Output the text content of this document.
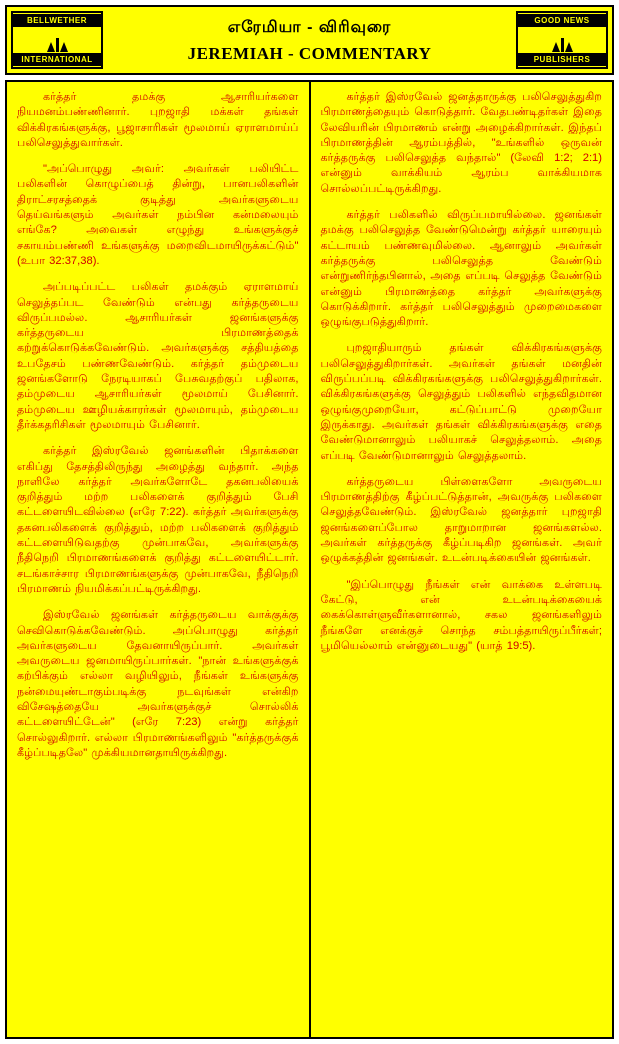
BELLWETHER
INTERNATIONAL
எரேமியா - விரிவுரை
JEREMIAH - COMMENTARY
GOOD NEWS
PUBLISHERS

கர்த்தர் தமக்கு ஆசாரியர்களை நியமனம்பண்ணினார். புறஜாதி மக்கள் தங்கள் விக்கிரகங்களுக்கு, பூஜாசாரிகள் மூலமாய் ஏராளமாய்ப் பலிசெலுத்துவார்கள்.

"அப்பொழுது அவர்: அவர்கள் பலியிட்ட பலிகளின் கொழுப்பைத் தின்று, பானபலிகளின் திராட்சரசத்தைக் குடித்து அவர்களுடைய தெய்வங்களும் அவர்கள் நம்பின கன்மலையும் எங்கே? அவைகள் எழுந்து உங்களுக்குச் சகாயம்பண்ணி உங்களுக்கு மறைவிடமாயிருக்கட்டும்" (உபா 32:37,38).

அப்படிப்பட்ட பலிகள் தமக்கும் ஏராளமாய் செலுத்தப்பட வேண்டும் என்பது கர்த்தருடைய விருப்பமல்ல. ஆசாரியர்கள் ஜனங்களுக்கு கர்த்தருடைய பிரமாணத்தைக் கற்றுக்கொடுக்கவேண்டும். அவர்களுக்கு சத்தியத்தை உபதேசம் பண்ணவேண்டும். கர்த்தர் தம்முடைய ஜனங்களோடு நேரடியாகப் பேசுவதற்குப் பதிலாக, தம்முடைய ஆசாரியர்கள் மூலமாய் பேசினார். தம்முடைய ஊழியக்காரர்கள் மூலமாயும், தம்முடைய தீர்க்கதரிசிகள் மூலமாயும் பேசினார்.

கர்த்தர் இஸ்ரவேல் ஜனங்களின் பிதாக்களை எகிப்து தேசத்திலிருந்து அழைத்து வந்தார். அந்த நாளிலே கர்த்தர் அவர்களோடே தகனபலியைக் குறித்தும் மற்ற பலிகளைக் குறித்தும் பேசி கட்டளையிடவில்லை (எரே 7:22). கர்த்தர் அவர்களுக்கு தகனபலிகளைக் குறித்தும், மற்ற பலிகளைக் குறித்தும் கட்டளையிடுவதற்கு முன்பாகவே, அவர்களுக்கு நீதிநெறி பிரமாணங்களைக் குறித்து கட்டளையிட்டார். சடங்காச்சார பிரமாணங்களுக்கு முன்பாகவே, நீதிநெறி பிரமாணம் நியமிக்கப்பட்டிருக்கிறது.

இஸ்ரவேல் ஜனங்கள் கர்த்தருடைய வாக்குக்கு செவிகொடுக்கவேண்டும். அப்பொழுது கர்த்தர் அவர்களுடைய தேவனாயிருப்பார். அவர்கள் அவருடைய ஜனமாயிருப்பார்கள். "நான் உங்களுக்குக் கற்பிக்கும் எல்லா வழியிலும், நீங்கள் உங்களுக்கு நன்மையுண்டாகும்படிக்கு நடவுங்கள் என்கிற விசேஷத்தையே அவர்களுக்குச் சொல்லிக் கட்டளையிட்டேன்" (எரே 7:23) என்று கர்த்தர் சொல்லுகிறார். எல்லா பிரமாணங்களிலும் "கர்த்தருக்குக் கீழ்ப்படிதலே" முக்கியமானதாயிருக்கிறது.

கர்த்தர் இஸ்ரவேல் ஜனத்தாருக்கு பலிசெலுத்துகிற பிரமாணத்தையும் கொடுத்தார். வேதபண்டிதர்கள் இதை லேவியரின் பிரமாணம் என்று அழைக்கிறார்கள். இந்தப் பிரமாணத்தின் ஆரம்பத்தில், "உங்களில் ஒருவன் கர்த்தருக்கு பலிசெலுத்த வந்தால்" (லேவி 1:2; 2:1) என்னும் வாக்கியம் ஆரம்ப வாக்கியமாக சொல்லப்பட்டிருக்கிறது.

கர்த்தர் பலிகளில் விருப்பமாயில்லை. ஜனங்கள் தமக்கு பலிசெலுத்த வேண்டுமென்று கர்த்தர் யாரையும் கட்டாயம் பண்ணவுமில்லை. ஆனாலும் அவர்கள் கர்த்தருக்கு பலிசெலுத்த வேண்டும் என்றுணிர்ந்தபினால், அதை எப்படி செலுத்த வேண்டும் என்னும் பிரமாணத்தை கர்த்தர் அவர்களுக்கு கொடுக்கிறார். கர்த்தர் பலிசெலுத்தும் முறைமைகளை ஒழுங்குபடுத்துகிறார்.

புறஜாதியாரும் தங்கள் விக்கிரகங்களுக்கு பலிசெலுத்துகிறார்கள். அவர்கள் தங்கள் மனதின் விருப்பப்படி விக்கிரகங்களுக்கு பலிசெலுத்துகிறார்கள். விக்கிரகங்களுக்கு செலுத்தும் பலிகளில் எந்தவிதமான ஒழுங்குமுறையோ, கட்டுப்பாட்டு முறையோ இருக்காது. அவர்கள் தங்கள் விக்கிரகங்களுக்கு எதை வேண்டுமானாலும் பலியாகச் செலுத்தலாம். அதை எப்படி வேண்டுமானாலும் செலுத்தலாம்.

கர்த்தருடைய பிள்ளைகளோ அவருடைய பிரமாணத்திற்கு கீழ்ப்பட்டுத்தான், அவருக்கு பலிகளை செலுத்தவேண்டும். இஸ்ரவேல் ஜனத்தார் புறஜாதி ஜனங்களைப்போல தாறுமாறான ஜனங்களல்ல. அவர்கள் கர்த்தருக்கு கீழ்ப்படிகிற ஜனங்கள். அவர் ஒழுக்கத்தின் ஜனங்கள். உடன்படிக்கையின் ஜனங்கள்.

"இப்பொழுது நீங்கள் என் வாக்கை உள்ளபடி கேட்டு, என் உடன்படிக்கையைக் கைக்கொள்ளுவீர்களானால், சகல ஜனங்களிலும் நீங்களே எனக்குச் சொந்த சம்பத்தாயிருப்பீர்கள்; பூமியெல்லாம் என்னுடையது" (யாத் 19:5).
